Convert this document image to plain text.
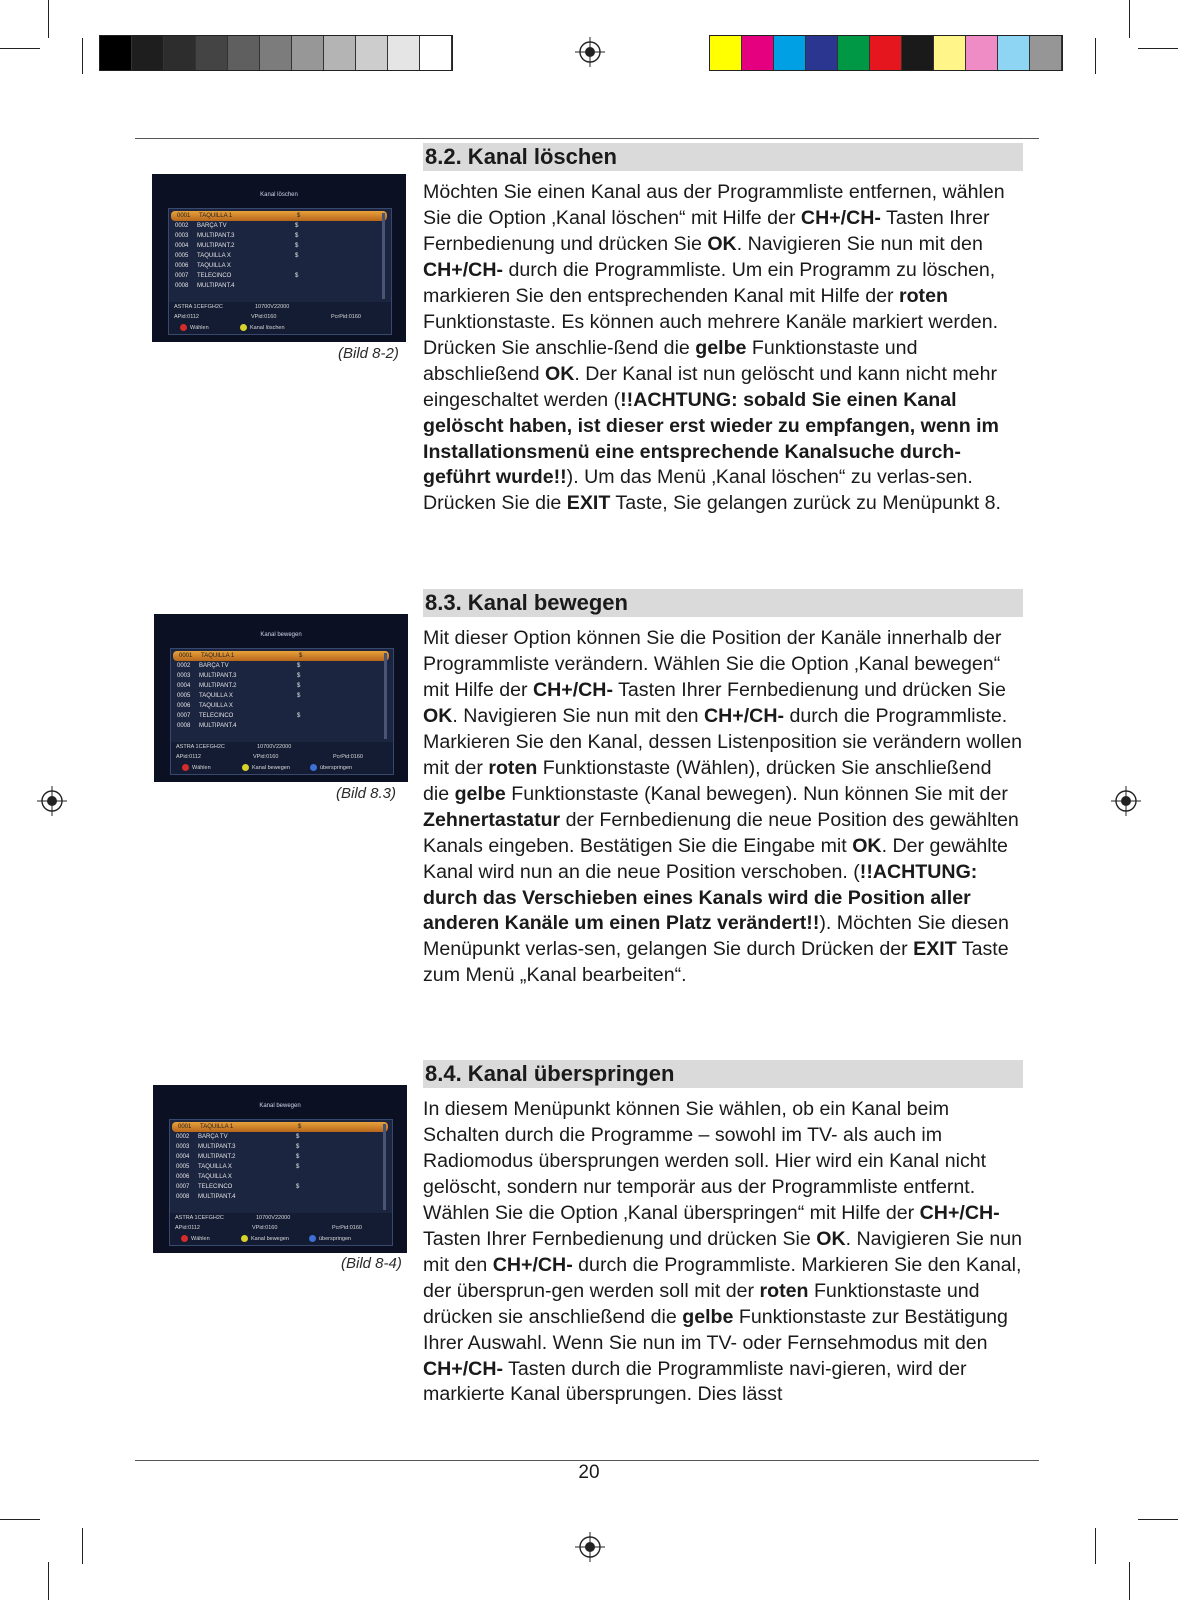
8.2. Kanal löschen

Möchten Sie einen Kanal aus der Programmliste entfernen, wählen Sie die Option ‚Kanal löschen“ mit Hilfe der CH+/CH- Tasten Ihrer Fernbedienung und drücken Sie OK. Navigieren Sie nun mit den CH+/CH- durch die Programmliste. Um ein Programm zu löschen, markieren Sie den entsprechenden Kanal mit Hilfe der roten Funktionstaste. Es können auch mehrere Kanäle markiert werden. Drücken Sie anschlie-ßend die gelbe Funktionstaste und abschließend OK. Der Kanal ist nun gelöscht und kann nicht mehr eingeschaltet werden (!!ACHTUNG: sobald Sie einen Kanal gelöscht haben, ist dieser erst wieder zu empfangen, wenn im Installationsmenü eine entsprechende Kanalsuche durch-geführt wurde!!). Um das Menü ‚Kanal löschen“ zu verlas-sen. Drücken Sie die EXIT Taste, Sie gelangen zurück zu Menüpunkt 8.

8.3. Kanal bewegen

Mit dieser Option können Sie die Position der Kanäle innerhalb der Programmliste verändern. Wählen Sie die Option ‚Kanal bewegen“ mit Hilfe der CH+/CH- Tasten Ihrer Fernbedienung und drücken Sie OK. Navigieren Sie nun mit den CH+/CH- durch die Programmliste. Markieren Sie den Kanal, dessen Listenposition sie verändern wollen mit der roten Funktionstaste (Wählen), drücken Sie anschließend die gelbe Funktionstaste (Kanal bewegen). Nun können Sie mit der Zehnertastatur der Fernbedienung die neue Position des gewählten Kanals eingeben. Bestätigen Sie die Eingabe mit OK. Der gewählte Kanal wird nun an die neue Position verschoben. (!!ACHTUNG: durch das Verschieben eines Kanals wird die Position aller anderen Kanäle um einen Platz verändert!!). Möchten Sie diesen Menüpunkt verlas-sen, gelangen Sie durch Drücken der EXIT Taste zum Menü „Kanal bearbeiten“.

8.4. Kanal überspringen

In diesem Menüpunkt können Sie wählen, ob ein Kanal beim Schalten durch die Programme – sowohl im TV- als auch im Radiomodus übersprungen werden soll. Hier wird ein Kanal nicht gelöscht, sondern nur temporär aus der Programmliste entfernt. Wählen Sie die Option ‚Kanal überspringen“ mit Hilfe der CH+/CH- Tasten Ihrer Fernbedienung und drücken Sie OK. Navigieren Sie nun mit den CH+/CH- durch die Programmliste. Markieren Sie den Kanal, der übersprun-gen werden soll mit der roten Funktionstaste und drücken sie anschließend die gelbe Funktionstaste zur Bestätigung Ihrer Auswahl. Wenn Sie nun im TV- oder Fernsehmodus mit den CH+/CH- Tasten durch die Programmliste navi-gieren, wird der markierte Kanal übersprungen. Dies lässt

Kanal löschen
0001 TAQUILLA 1	$
0002 BARÇA TV	$
0003 MULTIPANT.3	$
0004 MULTIPANT.2	$
0005 TAQUILLA X	$
0006 TAQUILLA X
0007 TELECINCO	$
0008 MULTIPANT.4
ASTRA 1CEFGH2C	10700V22000
APid:0112	VPid:0160	PcrPid:0160
Wählen	Kanal löschen
(Bild 8-2)
Kanal bewegen
0001 TAQUILLA 1	$
0002 BARÇA TV	$
0003 MULTIPANT.3	$
0004 MULTIPANT.2	$
0005 TAQUILLA X	$
0006 TAQUILLA X
0007 TELECINCO	$
0008 MULTIPANT.4
ASTRA 1CEFGH2C	10700V22000
APid:0112	VPid:0160	PcrPid:0160
Wählen	Kanal bewegen	überspringen
(Bild 8.3)
Kanal bewegen
0001 TAQUILLA 1	$
0002 BARÇA TV	$
0003 MULTIPANT.3	$
0004 MULTIPANT.2	$
0005 TAQUILLA X	$
0006 TAQUILLA X
0007 TELECINCO	$
0008 MULTIPANT.4
ASTRA 1CEFGH2C	10700V22000
APid:0112	VPid:0160	PcrPid:0160
Wählen	Kanal bewegen	überspringen
(Bild 8-4)
20
